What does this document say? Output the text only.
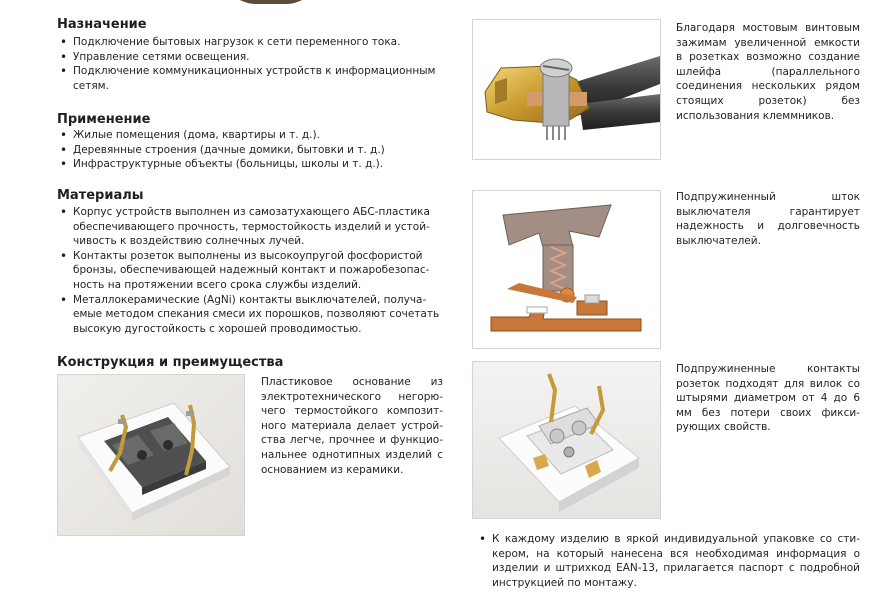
Назначение
• Подключение бытовых нагрузок к сети переменного тока.
• Управление сетями освещения.
• Подключение коммуникационных устройств к информационным сетям.
Применение
• Жилые помещения (дома, квартиры и т. д.).
• Деревянные строения (дачные домики, бытовки и т. д.)
• Инфраструктурные объекты (больницы, школы и т. д.).
Материалы
• Корпус устройств выполнен из самозатухающего АБС-пластика обеспечивающего прочность, термостойкость изделий и устойчивость к воздействию солнечных лучей.
• Контакты розеток выполнены из высокоупругой фосфористой бронзы, обеспечивающей надежный контакт и пожаробезопасность на протяжении всего срока службы изделий.
• Металлокерамические (AgNi) контакты выключателей, получаемые методом спекания смеси их порошков, позволяют сочетать высокую дугостойкость с хорошей проводимостью.
Конструкция и преимущества

Пластиковое основание из электротехнического негорючего термостойкого композитного материала делает устройства легче, прочнее и функциональнее однотипных изделий с основанием из керамики.

Благодаря мостовым винтовым зажимам увеличенной емкости в розетках возможно создание шлейфа (параллельного соединения нескольких рядом стоящих розеток) без использования клеммников.

Подпружиненный шток выключателя гарантирует надежность и долговечность выключателей.

Подпружиненные контакты розеток подходят для вилок со штырями диаметром от 4 до 6 мм без потери своих фиксирующих свойств.

• К каждому изделию в яркой индивидуальной упаковке со стикером, на который нанесена вся необходимая информация о изделии и штрихкод EAN-13, прилагается паспорт с подробной инструкцией по монтажу.
